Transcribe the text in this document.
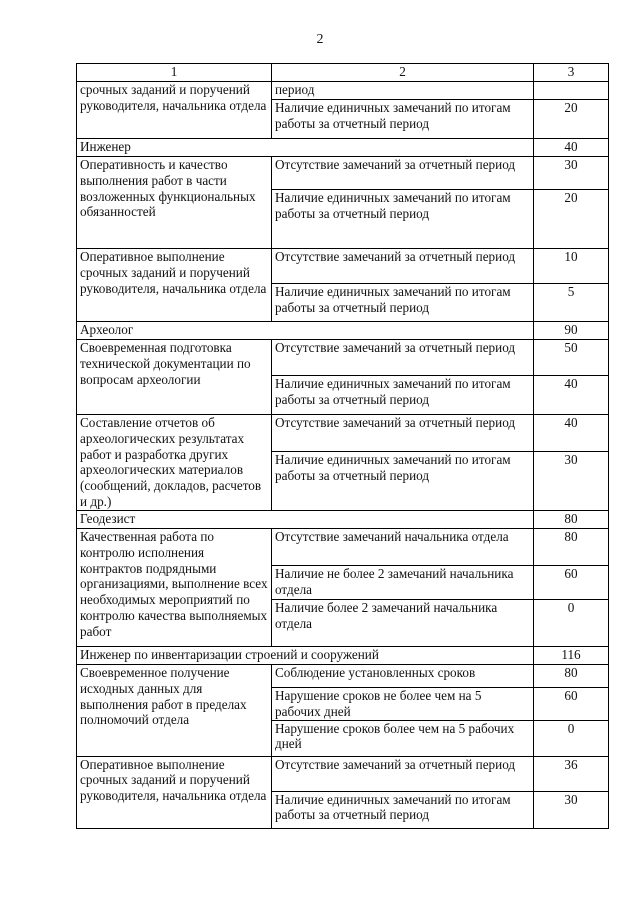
2
1	2	3
срочных заданий и поручений руководителя, начальника отдела	период	
	Наличие единичных замечаний по итогам работы за отчетный период	20
Инженер		40
Оперативность и качество выполнения работ в части возложенных функциональных обязанностей	Отсутствие замечаний за отчетный период	30
	Наличие единичных замечаний по итогам работы за отчетный период	20
Оперативное выполнение срочных заданий и поручений руководителя, начальника отдела	Отсутствие замечаний за отчетный период	10
	Наличие единичных замечаний по итогам работы за отчетный период	5
Археолог		90
Своевременная подготовка технической документации по вопросам археологии	Отсутствие замечаний за отчетный период	50
	Наличие единичных замечаний по итогам работы за отчетный период	40
Составление отчетов об археологических результатах работ и разработка других археологических материалов (сообщений, докладов, расчетов и др.)	Отсутствие замечаний за отчетный период	40
	Наличие единичных замечаний по итогам работы за отчетный период	30
Геодезист		80
Качественная работа по контролю исполнения контрактов подрядными организациями, выполнение всех необходимых мероприятий по контролю качества выполняемых работ	Отсутствие замечаний начальника отдела	80
	Наличие не более 2 замечаний начальника отдела	60
	Наличие более 2 замечаний начальника отдела	0
Инженер по инвентаризации строений и сооружений		116
Своевременное получение исходных данных для выполнения работ в пределах полномочий отдела	Соблюдение установленных сроков	80
	Нарушение сроков не более чем на 5 рабочих дней	60
	Нарушение сроков более чем на 5 рабочих дней	0
Оперативное выполнение срочных заданий и поручений руководителя, начальника отдела	Отсутствие замечаний за отчетный период	36
	Наличие единичных замечаний по итогам работы за отчетный период	30
